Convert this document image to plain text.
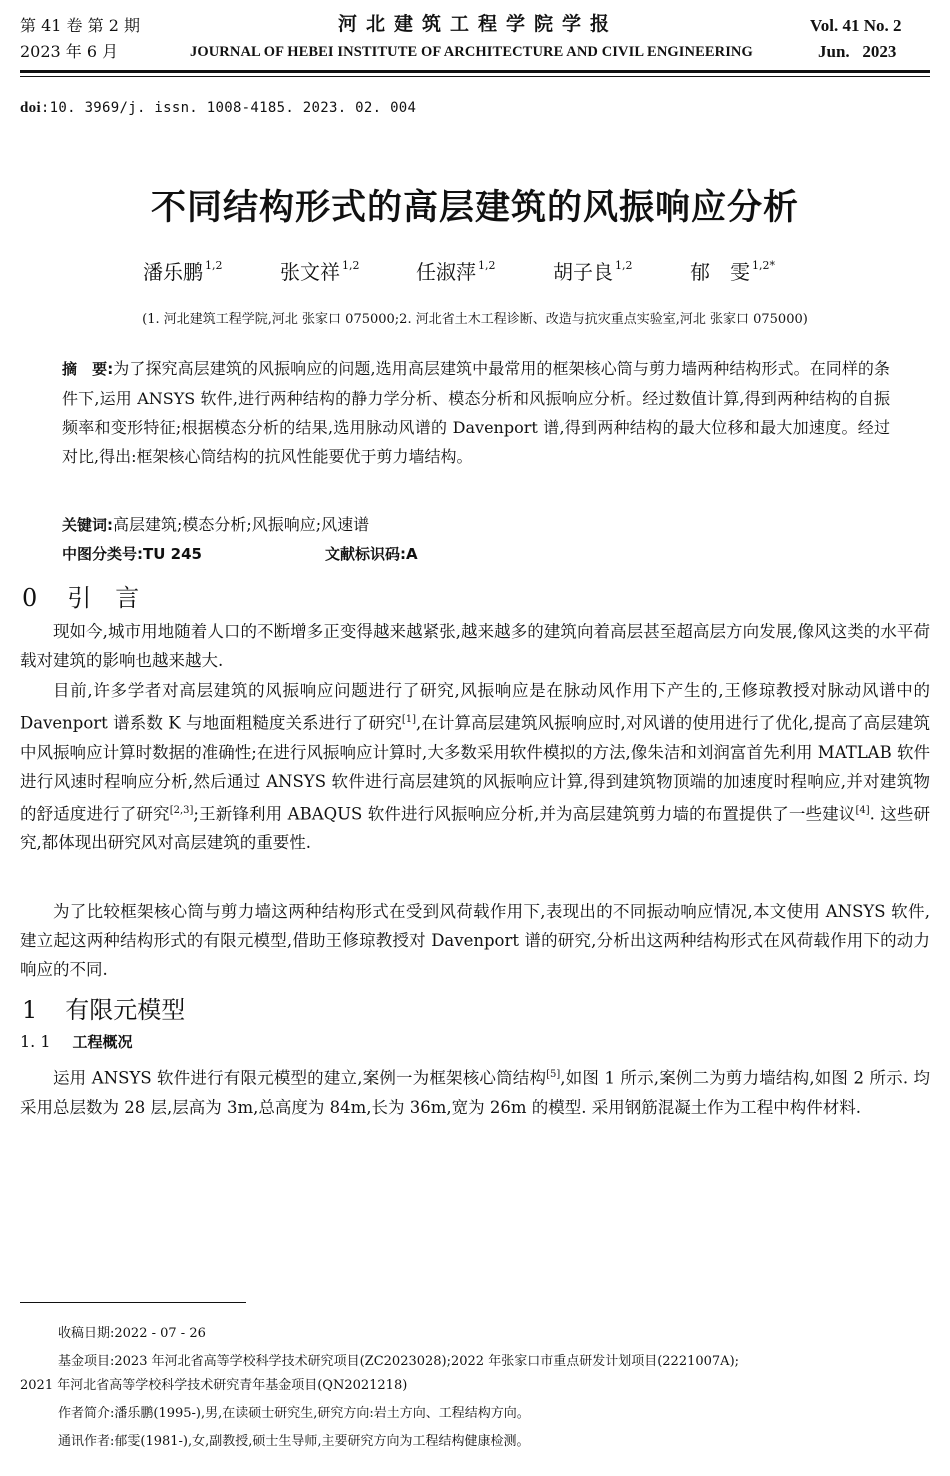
第 41 卷 第 2 期
2023 年 6 月
河北建筑工程学院学报
JOURNAL OF HEBEI INSTITUTE OF ARCHITECTURE AND CIVIL ENGINEERING
Vol. 41 No. 2
Jun.   2023
doi:10. 3969/j. issn. 1008-4185. 2023. 02. 004
不同结构形式的高层建筑的风振响应分析
潘乐鹏 $^{1,2}$	张文祥 $^{1,2}$	任淑萍 $^{1,2}$	胡子良 $^{1,2}$	郁　雯 $^{1,2*}$
(1. 河北建筑工程学院,河北 张家口 075000;2. 河北省土木工程诊断、改造与抗灾重点实验室,河北 张家口 075000)
摘　要:为了探究高层建筑的风振响应的问题,选用高层建筑中最常用的框架核心筒与剪力墙两种结构形式。在同样的条件下,运用 ANSYS 软件,进行两种结构的静力学分析、模态分析和风振响应分析。经过数值计算,得到两种结构的自振频率和变形特征;根据模态分析的结果,选用脉动风谱的 Davenport 谱,得到两种结构的最大位移和最大加速度。经过对比,得出:框架核心筒结构的抗风性能要优于剪力墙结构。
关键词:高层建筑;模态分析;风振响应;风速谱
中图分类号:TU 245	文献标识码:A
0 引　言
现如今,城市用地随着人口的不断增多正变得越来越紧张,越来越多的建筑向着高层甚至超高层方向发展,像风这类的水平荷载对建筑的影响也越来越大.
目前,许多学者对高层建筑的风振响应问题进行了研究,风振响应是在脉动风作用下产生的,王修琼教授对脉动风谱中的 Davenport 谱系数 K 与地面粗糙度关系进行了研究[1],在计算高层建筑风振响应时,对风谱的使用进行了优化,提高了高层建筑中风振响应计算时数据的准确性;在进行风振响应计算时,大多数采用软件模拟的方法,像朱洁和刘润富首先利用 MATLAB 软件进行风速时程响应分析,然后通过 ANSYS 软件进行高层建筑的风振响应计算,得到建筑物顶端的加速度时程响应,并对建筑物的舒适度进行了研究[2,3];王新锋利用 ABAQUS 软件进行风振响应分析,并为高层建筑剪力墙的布置提供了一些建议[4]. 这些研究,都体现出研究风对高层建筑的重要性.
为了比较框架核心筒与剪力墙这两种结构形式在受到风荷载作用下,表现出的不同振动响应情况,本文使用 ANSYS 软件,建立起这两种结构形式的有限元模型,借助王修琼教授对 Davenport 谱的研究,分析出这两种结构形式在风荷载作用下的动力响应的不同.
1 有限元模型
1. 1 工程概况
运用 ANSYS 软件进行有限元模型的建立,案例一为框架核心筒结构[5],如图 1 所示,案例二为剪力墙结构,如图 2 所示. 均采用总层数为 28 层,层高为 3m,总高度为 84m,长为 36m,宽为 26m 的模型. 采用钢筋混凝土作为工程中构件材料.
收稿日期:2022 - 07 - 26
基金项目:2023 年河北省高等学校科学技术研究项目(ZC2023028);2022 年张家口市重点研发计划项目(2221007A);
2021 年河北省高等学校科学技术研究青年基金项目(QN2021218)
作者简介:潘乐鹏(1995-),男,在读硕士研究生,研究方向:岩土方向、工程结构方向。
通讯作者:郁雯(1981-),女,副教授,硕士生导师,主要研究方向为工程结构健康检测。
